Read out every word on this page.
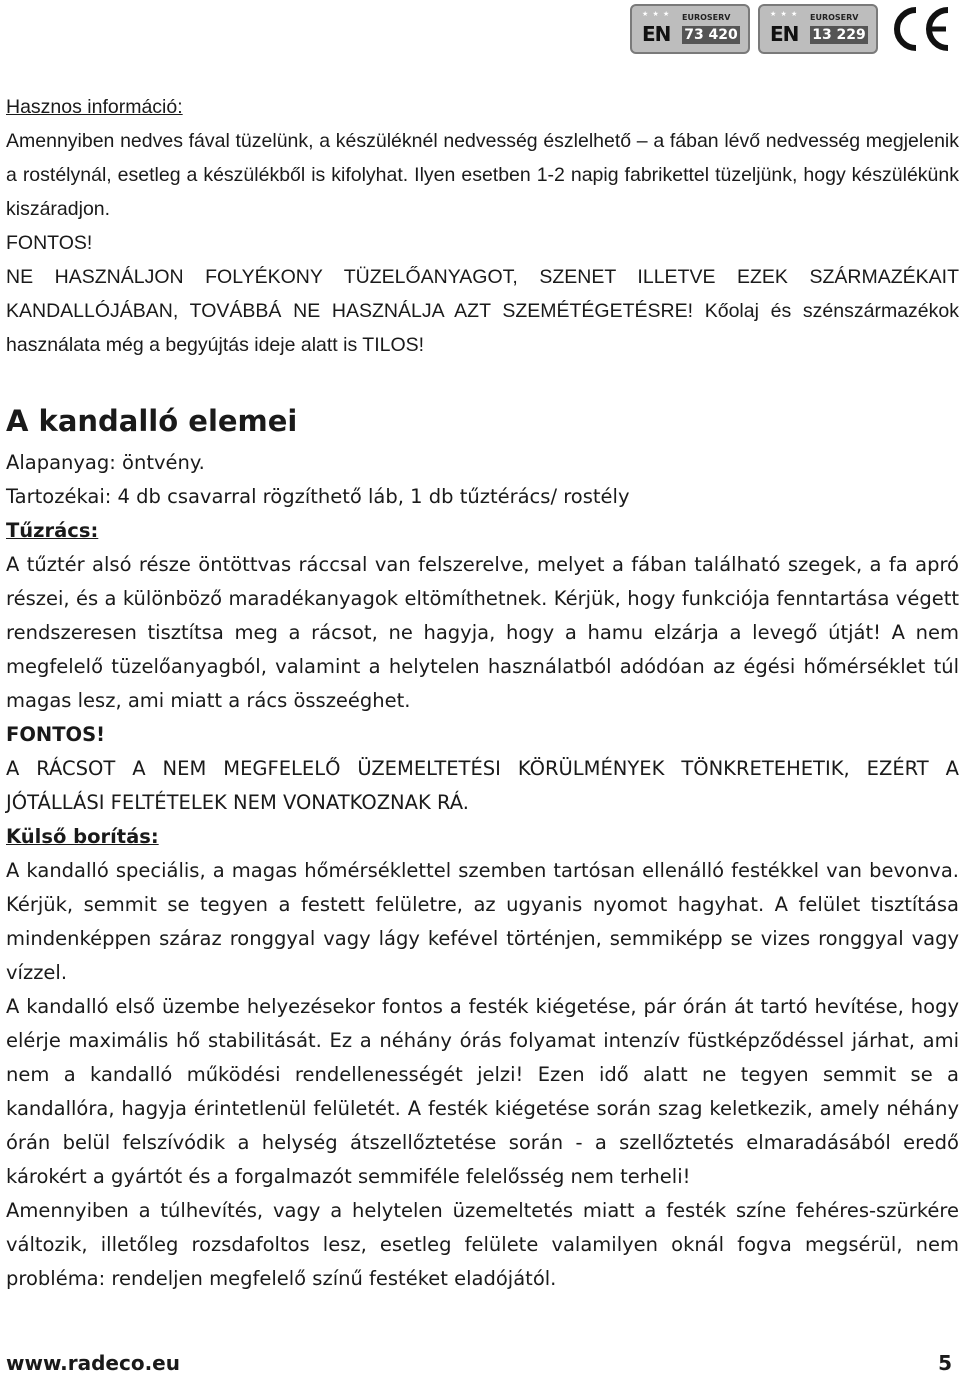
★ ★ ★
EN
EUROSERV
73 420
★ ★ ★
EN
EUROSERV
13 229

Hasznos információ:

Amennyiben nedves fával tüzelünk, a készüléknél nedvesség észlelhető – a fában lévő nedvesség megjelenik a rostélynál, esetleg a készülékből is kifolyhat. Ilyen esetben 1-2 napig fabrikettel tüzeljünk, hogy készülékünk kiszáradjon.

FONTOS!

NE HASZNÁLJON FOLYÉKONY TÜZELŐANYAGOT, SZENET ILLETVE EZEK SZÁRMAZÉKAIT KANDALLÓJÁBAN, TOVÁBBÁ NE HASZNÁLJA AZT SZEMÉTÉGETÉSRE! Kőolaj és szénszármazékok használata még a begyújtás ideje alatt is TILOS!

A kandalló elemei

Alapanyag: öntvény.

Tartozékai: 4 db csavarral rögzíthető láb, 1 db tűztérács/ rostély

Tűzrács:

A tűztér alsó része öntöttvas ráccsal van felszerelve, melyet a fában található szegek, a fa apró részei, és a különböző maradékanyagok eltömíthetnek. Kérjük, hogy funkciója fenntartása végett rendszeresen tisztítsa meg a rácsot, ne hagyja, hogy a hamu elzárja a levegő útját! A nem megfelelő tüzelőanyagból, valamint a helytelen használatból adódóan az égési hőmérséklet túl magas lesz, ami miatt a rács összeéghet.

FONTOS!

A RÁCSOT A NEM MEGFELELŐ ÜZEMELTETÉSI KÖRÜLMÉNYEK TÖNKRETEHETIK, EZÉRT A JÓTÁLLÁSI FELTÉTELEK NEM VONATKOZNAK RÁ.

Külső borítás:

A kandalló speciális, a magas hőmérséklettel szemben tartósan ellenálló festékkel van bevonva. Kérjük, semmit se tegyen a festett felületre, az ugyanis nyomot hagyhat. A felület tisztítása mindenképpen száraz ronggyal vagy lágy kefével történjen, semmiképp se vizes ronggyal vagy vízzel.

A kandalló első üzembe helyezésekor fontos a festék kiégetése, pár órán át tartó hevítése, hogy elérje maximális hő stabilitását. Ez a néhány órás folyamat intenzív füstképződéssel járhat, ami nem a kandalló működési rendellenességét jelzi! Ezen idő alatt ne tegyen semmit se a kandallóra, hagyja érintetlenül felületét. A festék kiégetése során szag keletkezik, amely néhány órán belül felszívódik a helység átszellőztetése során - a szellőztetés elmaradásából eredő károkért a gyártót és a forgalmazót semmiféle felelősség nem terheli!

Amennyiben a túlhevítés, vagy a helytelen üzemeltetés miatt a festék színe fehéres-szürkére változik, illetőleg rozsdafoltos lesz, esetleg felülete valamilyen oknál fogva megsérül, nem probléma: rendeljen megfelelő színű festéket eladójától.

www.radeco.eu	5
